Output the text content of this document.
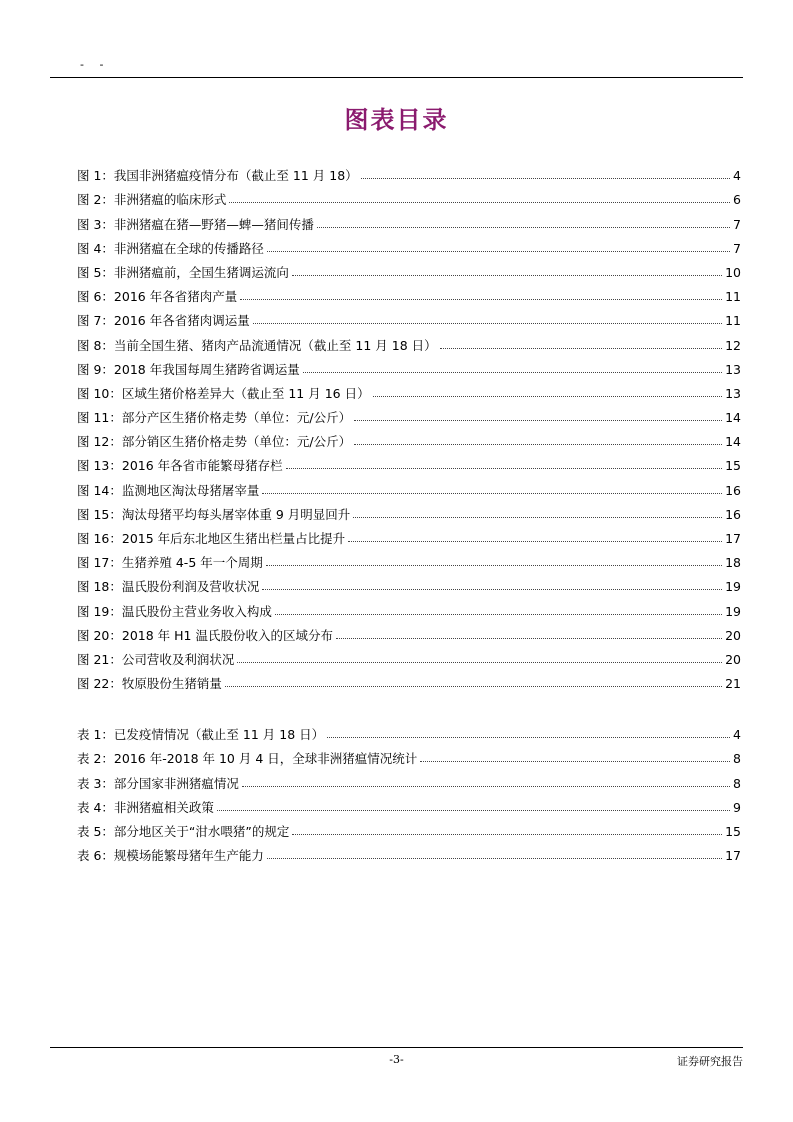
- -
图表目录
图 1：我国非洲猪瘟疫情分布（截止至 11 月 18）	4
图 2：非洲猪瘟的临床形式	6
图 3：非洲猪瘟在猪—野猪—蜱—猪间传播	7
图 4：非洲猪瘟在全球的传播路径	7
图 5：非洲猪瘟前，全国生猪调运流向	10
图 6：2016 年各省猪肉产量	11
图 7：2016 年各省猪肉调运量	11
图 8：当前全国生猪、猪肉产品流通情况（截止至 11 月 18 日）	12
图 9：2018 年我国每周生猪跨省调运量	13
图 10：区域生猪价格差异大（截止至 11 月 16 日）	13
图 11：部分产区生猪价格走势（单位：元/公斤）	14
图 12：部分销区生猪价格走势（单位：元/公斤）	14
图 13：2016 年各省市能繁母猪存栏	15
图 14：监测地区淘汰母猪屠宰量	16
图 15：淘汰母猪平均每头屠宰体重 9 月明显回升	16
图 16：2015 年后东北地区生猪出栏量占比提升	17
图 17：生猪养殖 4-5 年一个周期	18
图 18：温氏股份利润及营收状况	19
图 19：温氏股份主营业务收入构成	19
图 20：2018 年 H1 温氏股份收入的区域分布	20
图 21：公司营收及利润状况	20
图 22：牧原股份生猪销量	21
表 1：已发疫情情况（截止至 11 月 18 日）	4
表 2：2016 年-2018 年 10 月 4 日，全球非洲猪瘟情况统计	8
表 3：部分国家非洲猪瘟情况	8
表 4：非洲猪瘟相关政策	9
表 5：部分地区关于“泔水喂猪”的规定	15
表 6：规模场能繁母猪年生产能力	17
-3-	证券研究报告
